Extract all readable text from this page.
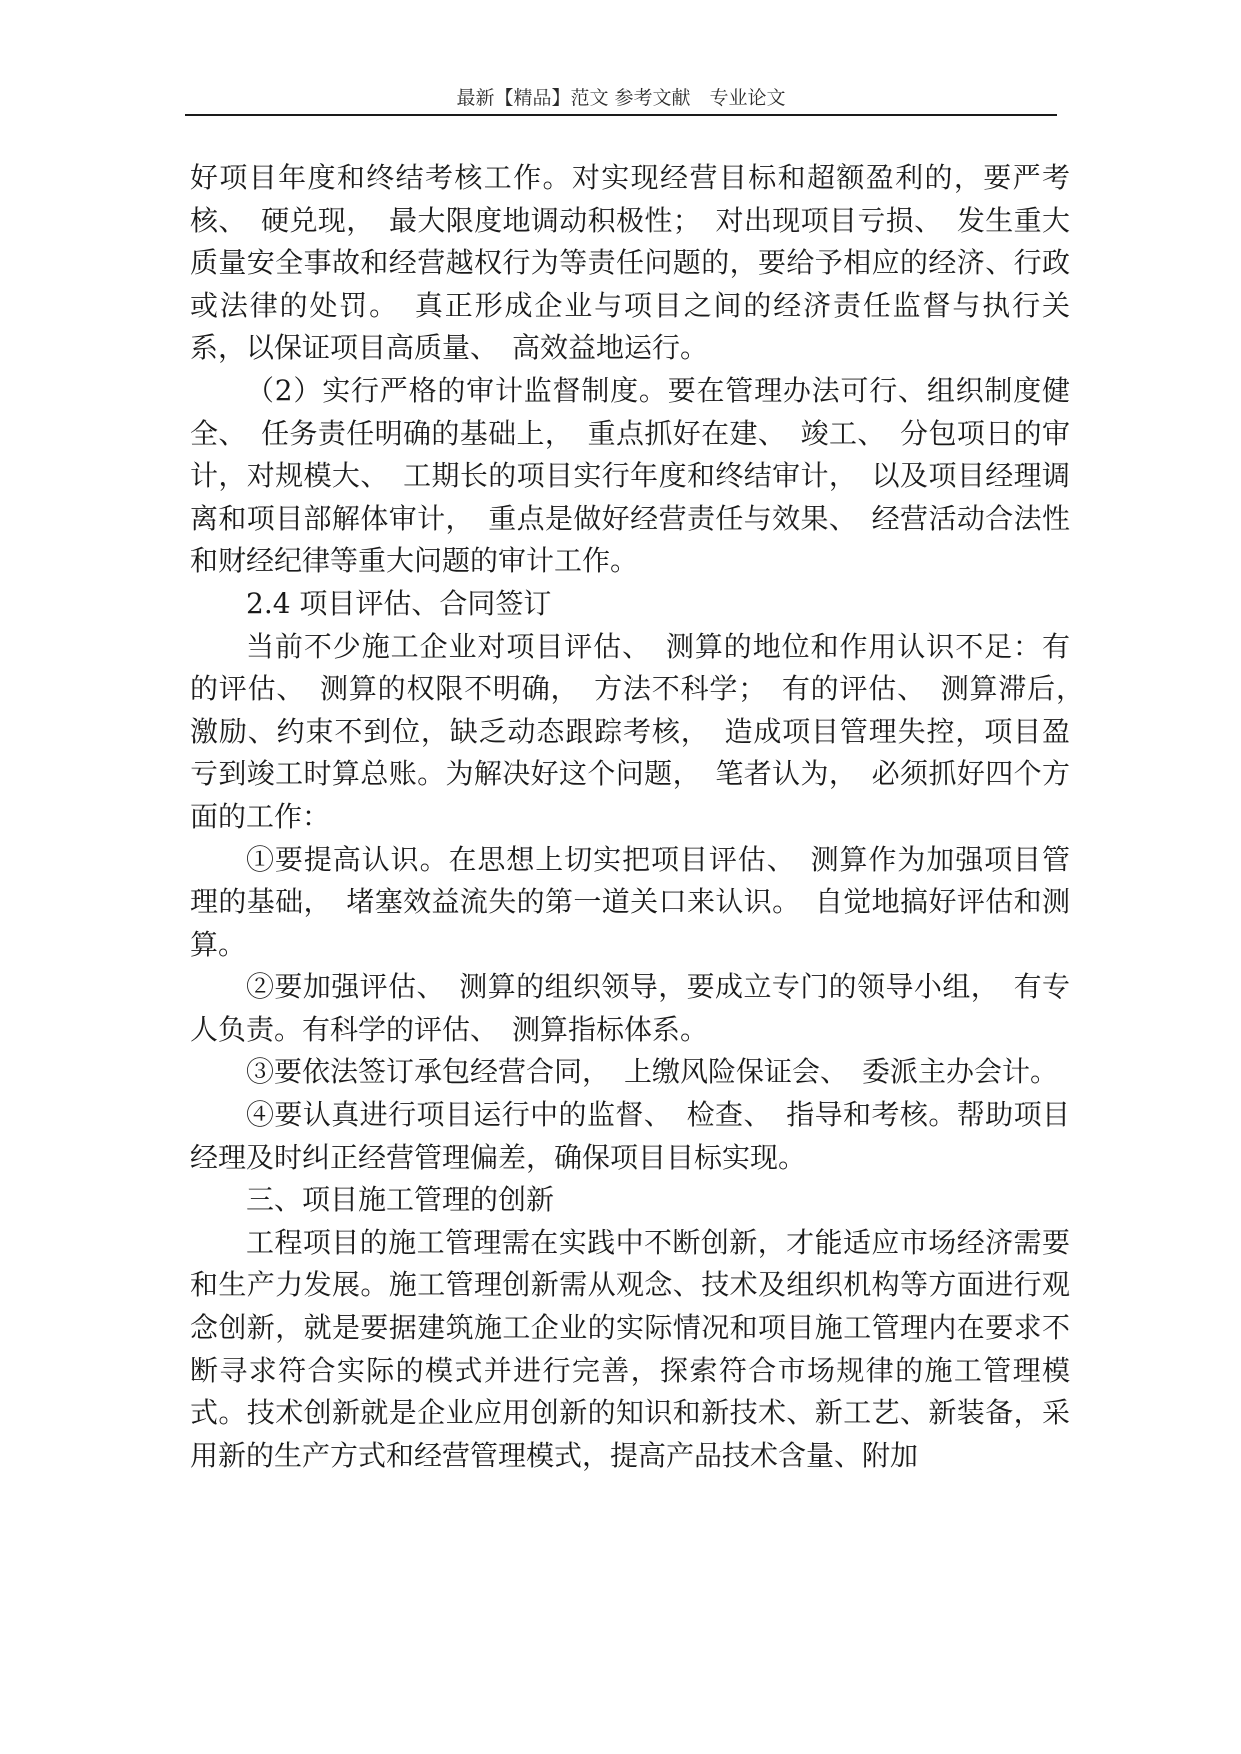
最新【精品】范文 参考文献　专业论文

好项目年度和终结考核工作。对实现经营目标和超额盈利的，要严考核、　硬兑现，　最大限度地调动积极性；　对出现项目亏损、　发生重大质量安全事故和经营越权行为等责任问题的，要给予相应的经济、行政或法律的处罚。　真正形成企业与项目之间的经济责任监督与执行关系，以保证项目高质量、　高效益地运行。

（2）实行严格的审计监督制度。要在管理办法可行、组织制度健全、　任务责任明确的基础上，　重点抓好在建、　竣工、　分包项日的审计，对规模大、　工期长的项目实行年度和终结审计，　以及项目经理调离和项目部解体审计，　重点是做好经营责任与效果、　经营活动合法性和财经纪律等重大问题的审计工作。

2.4 项目评估、合同签订

当前不少施工企业对项目评估、　测算的地位和作用认识不足：有的评估、　测算的权限不明确，　方法不科学；　有的评估、　测算滞后，　激励、约束不到位，缺乏动态跟踪考核，　造成项目管理失控，项目盈亏到竣工时算总账。为解决好这个问题，　笔者认为，　必须抓好四个方面的工作：

①要提高认识。在思想上切实把项目评估、　测算作为加强项目管理的基础，　堵塞效益流失的第一道关口来认识。　自觉地搞好评估和测算。

②要加强评估、　测算的组织领导，要成立专门的领导小组，　有专人负责。有科学的评估、　测算指标体系。

③要依法签订承包经营合同，　上缴风险保证会、　委派主办会计。

④要认真进行项目运行中的监督、　检查、　指导和考核。帮助项目经理及时纠正经营管理偏差，确保项目目标实现。

三、项目施工管理的创新

工程项目的施工管理需在实践中不断创新，才能适应市场经济需要和生产力发展。施工管理创新需从观念、技术及组织机构等方面进行观念创新，就是要据建筑施工企业的实际情况和项目施工管理内在要求不断寻求符合实际的模式并进行完善，探索符合市场规律的施工管理模式。技术创新就是企业应用创新的知识和新技术、新工艺、新装备，采用新的生产方式和经营管理模式，提高产品技术含量、附加
